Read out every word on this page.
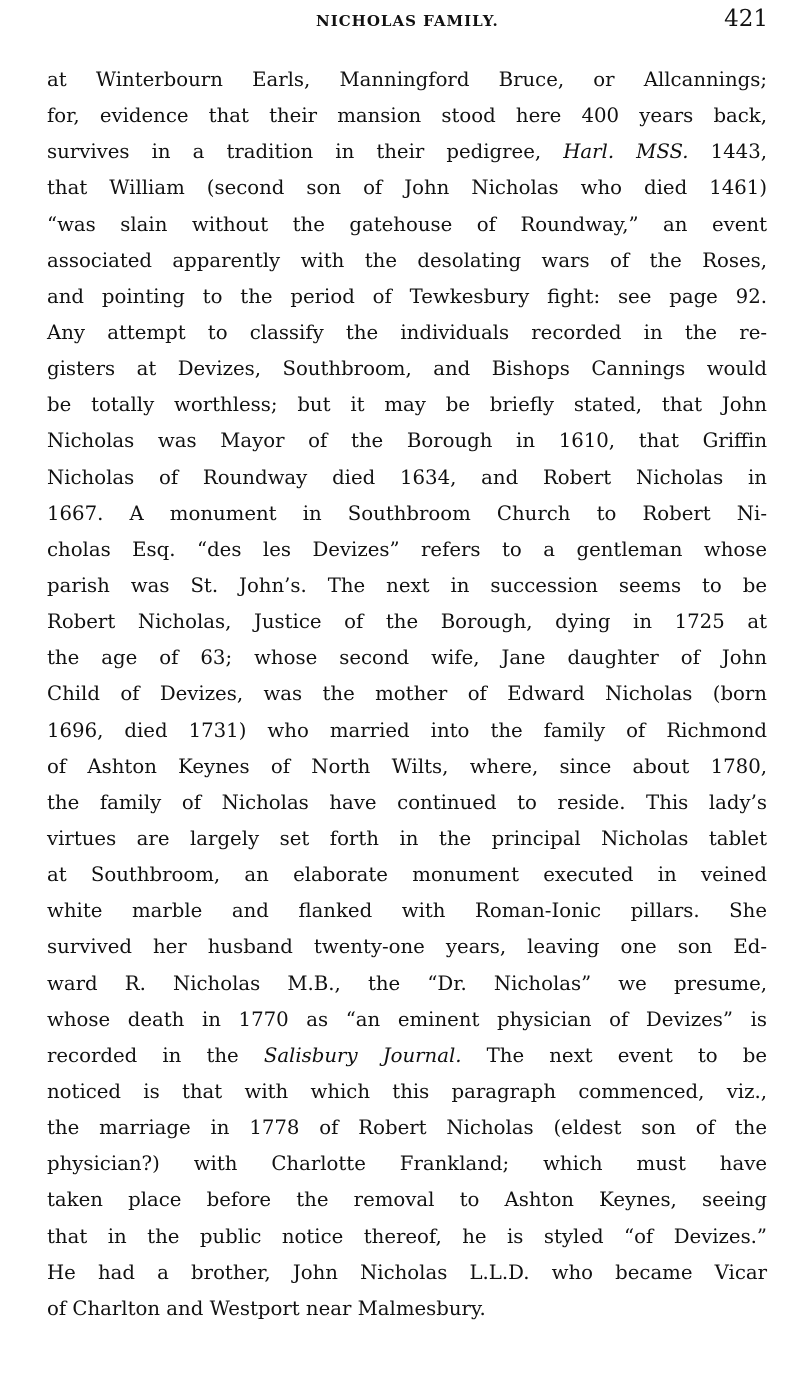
NICHOLAS FAMILY.	421
at Winterbourn Earls, Manningford Bruce, or Allcannings;
for, evidence that their mansion stood here 400 years back,
survives in a tradition in their pedigree, Harl. MSS. 1443,
that William (second son of John Nicholas who died 1461)
“was slain without the gatehouse of Roundway,” an event
associated apparently with the desolating wars of the Roses,
and pointing to the period of Tewkesbury fight: see page 92.
Any attempt to classify the individuals recorded in the re-
gisters at Devizes, Southbroom, and Bishops Cannings would
be totally worthless; but it may be briefly stated, that John
Nicholas was Mayor of the Borough in 1610, that Griffin
Nicholas of Roundway died 1634, and Robert Nicholas in
1667. A monument in Southbroom Church to Robert Ni-
cholas Esq. “des les Devizes” refers to a gentleman whose
parish was St. John’s. The next in succession seems to be
Robert Nicholas, Justice of the Borough, dying in 1725 at
the age of 63; whose second wife, Jane daughter of John
Child of Devizes, was the mother of Edward Nicholas (born
1696, died 1731) who married into the family of Richmond
of Ashton Keynes of North Wilts, where, since about 1780,
the family of Nicholas have continued to reside. This lady’s
virtues are largely set forth in the principal Nicholas tablet
at Southbroom, an elaborate monument executed in veined
white marble and flanked with Roman-Ionic pillars. She
survived her husband twenty-one years, leaving one son Ed-
ward R. Nicholas M.B., the “Dr. Nicholas” we presume,
whose death in 1770 as “an eminent physician of Devizes” is
recorded in the Salisbury Journal. The next event to be
noticed is that with which this paragraph commenced, viz.,
the marriage in 1778 of Robert Nicholas (eldest son of the
physician?) with Charlotte Frankland; which must have
taken place before the removal to Ashton Keynes, seeing
that in the public notice thereof, he is styled “of Devizes.”
He had a brother, John Nicholas L.L.D. who became Vicar
of Charlton and Westport near Malmesbury.
